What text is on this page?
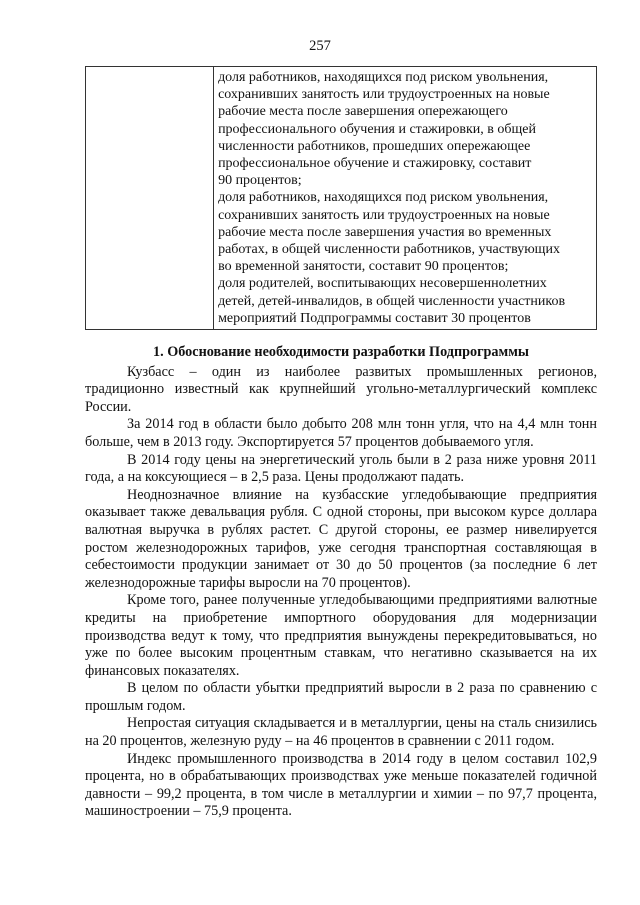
257

доля работников, находящихся под риском увольнения,
сохранивших занятость или трудоустроенных на новые
рабочие места после завершения опережающего
профессионального обучения и стажировки, в общей
численности работников, прошедших опережающее
профессиональное обучение и стажировку, составит
90 процентов;
доля работников, находящихся под риском увольнения,
сохранивших занятость или трудоустроенных на новые
рабочие места после завершения участия во временных
работах, в общей численности работников, участвующих
во временной занятости, составит 90 процентов;
доля родителей, воспитывающих несовершеннолетних
детей, детей-инвалидов, в общей численности участников
мероприятий Подпрограммы составит 30 процентов

1. Обоснование необходимости разработки Подпрограммы

Кузбасс – один из наиболее развитых промышленных регионов, традиционно известный как крупнейший угольно-металлургический комплекс России.

За 2014 год в области было добыто 208 млн тонн угля, что на 4,4 млн тонн больше, чем в 2013 году. Экспортируется 57 процентов добываемого угля.

В 2014 году цены на энергетический уголь были в 2 раза ниже уровня 2011 года, а на коксующиеся – в 2,5 раза. Цены продолжают падать.

Неоднозначное влияние на кузбасские угледобывающие предприятия оказывает также девальвация рубля. С одной стороны, при высоком курсе доллара валютная выручка в рублях растет. С другой стороны, ее размер нивелируется ростом железнодорожных тарифов, уже сегодня транспортная составляющая в себестоимости продукции занимает от 30 до 50 процентов (за последние 6 лет железнодорожные тарифы выросли на 70 процентов).

Кроме того, ранее полученные угледобывающими предприятиями валютные кредиты на приобретение импортного оборудования для модернизации производства ведут к тому, что предприятия вынуждены перекредитовываться, но уже по более высоким процентным ставкам, что негативно сказывается на их финансовых показателях.

В целом по области убытки предприятий выросли в 2 раза по сравнению с прошлым годом.

Непростая ситуация складывается и в металлургии, цены на сталь снизились на 20 процентов, железную руду – на 46 процентов в сравнении с 2011 годом.

Индекс промышленного производства в 2014 году в целом составил 102,9 процента, но в обрабатывающих производствах уже меньше показателей годичной давности – 99,2 процента, в том числе в металлургии и химии – по 97,7 процента, машиностроении – 75,9 процента.
